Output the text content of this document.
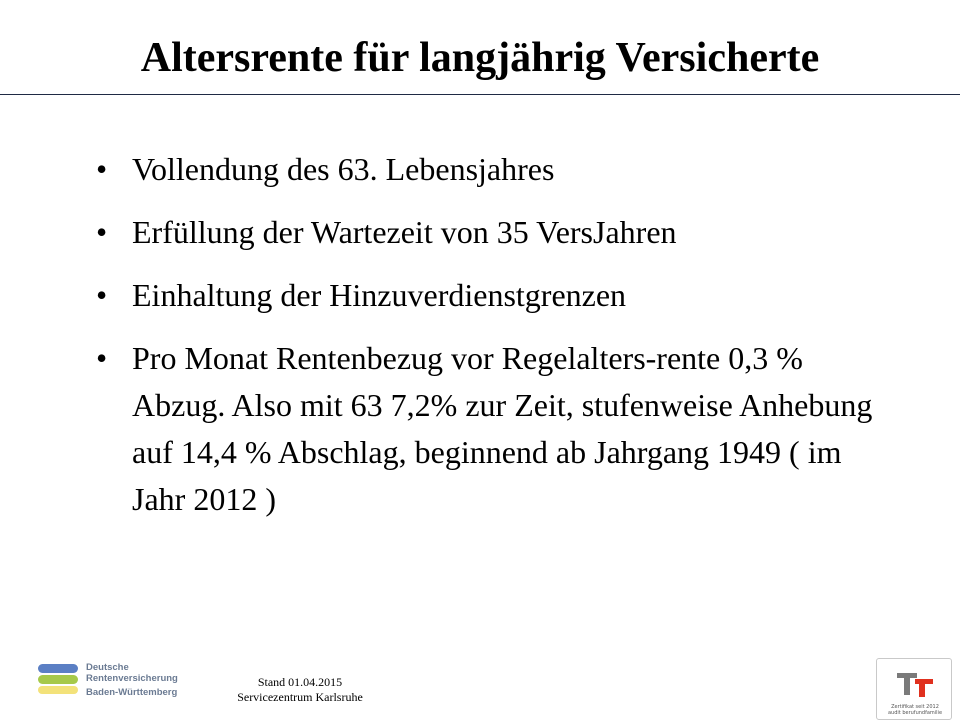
Altersrente für langjährig Versicherte
• Vollendung des 63. Lebensjahres
• Erfüllung der Wartezeit von 35 VersJahren
• Einhaltung der Hinzuverdienstgrenzen
• Pro Monat Rentenbezug vor Regelalters-rente 0,3 % Abzug. Also mit 63 7,2% zur Zeit, stufenweise Anhebung auf 14,4 % Abschlag, beginnend ab Jahrgang 1949 ( im Jahr 2012 )
Deutsche
Rentenversicherung
Baden-Württemberg
Stand 01.04.2015
Servicezentrum Karlsruhe
Zertifikat seit 2012
audit berufundfamilie
